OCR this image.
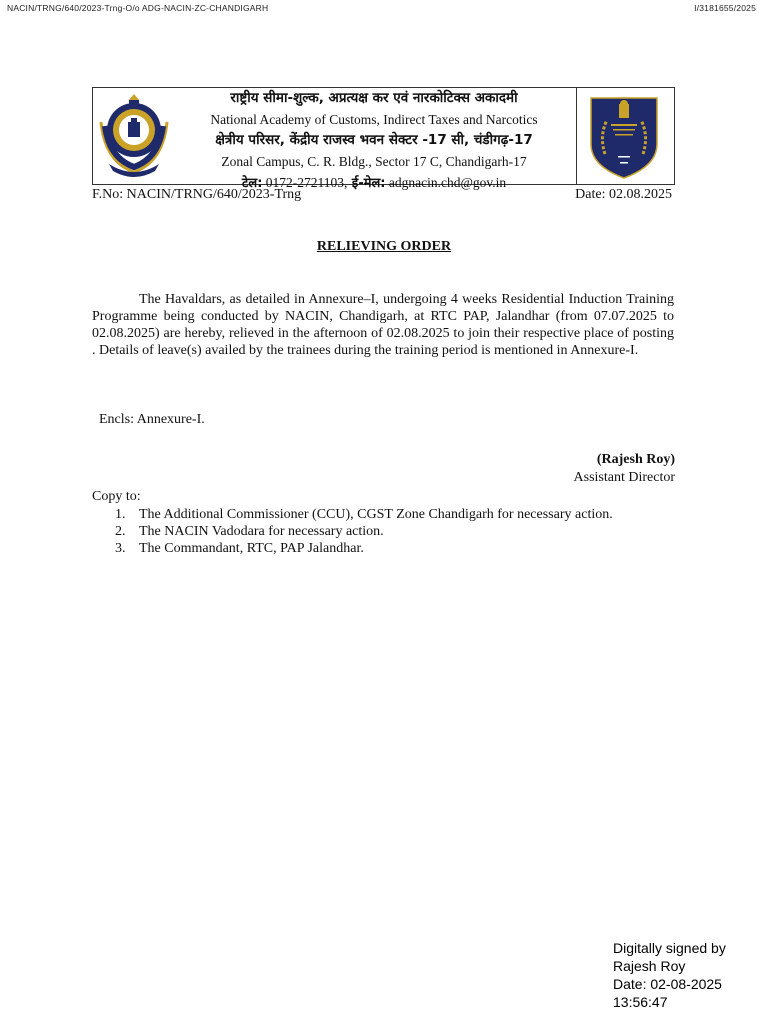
NACIN/TRNG/640/2023-Trng-O/o ADG-NACIN-ZC-CHANDIGARH	I/3181655/2025
राष्ट्रीय सीमा-शुल्क, अप्रत्यक्ष कर एवं नारकोटिक्स अकादमी
National Academy of Customs, Indirect Taxes and Narcotics
क्षेत्रीय परिसर, केंद्रीय राजस्व भवन सेक्टर -17 सी, चंडीगढ़-17
Zonal Campus, C. R. Bldg., Sector 17 C, Chandigarh-17
टेल: 0172-2721103, ई-मेल: adgnacin.chd@gov.in
F.No: NACIN/TRNG/640/2023-Trng	Date: 02.08.2025
RELIEVING ORDER
The Havaldars, as detailed in Annexure–I, undergoing 4 weeks Residential Induction Training Programme being conducted by NACIN, Chandigarh, at RTC PAP, Jalandhar (from 07.07.2025 to 02.08.2025) are hereby, relieved in the afternoon of 02.08.2025 to join their respective place of posting . Details of leave(s) availed by the trainees during the training period is mentioned in Annexure-I.
Encls: Annexure-I.
(Rajesh Roy)
Assistant Director
Copy to:
1. The Additional Commissioner (CCU), CGST Zone Chandigarh for necessary action.
2. The NACIN Vadodara for necessary action.
3. The Commandant, RTC, PAP Jalandhar.
Digitally signed by
Rajesh Roy
Date: 02-08-2025
13:56:47
